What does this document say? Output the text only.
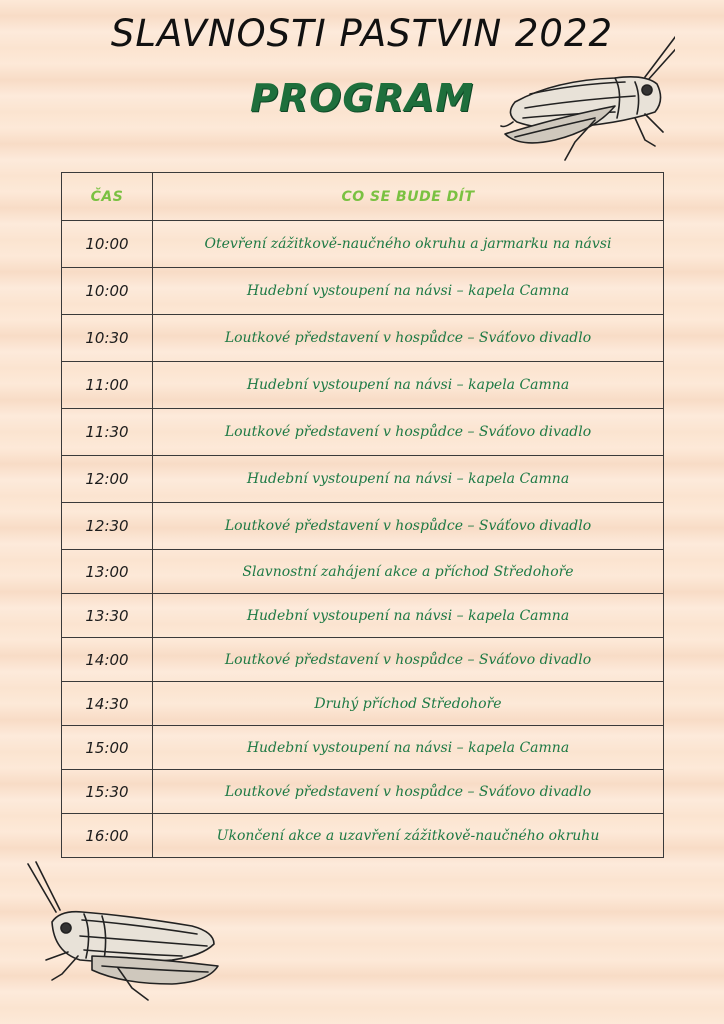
SLAVNOSTI PASTVIN 2022
PROGRAM
ČAS	CO SE BUDE DÍT
10:00	Otevření zážitkově-naučného okruhu a jarmarku na návsi
10:00	Hudební vystoupení na návsi – kapela Camna
10:30	Loutkové představení v hospůdce – Sváťovo divadlo
11:00	Hudební vystoupení na návsi – kapela Camna
11:30	Loutkové představení v hospůdce – Sváťovo divadlo
12:00	Hudební vystoupení na návsi – kapela Camna
12:30	Loutkové představení v hospůdce – Sváťovo divadlo
13:00	Slavnostní zahájení akce a příchod Středohoře
13:30	Hudební vystoupení na návsi – kapela Camna
14:00	Loutkové představení v hospůdce – Sváťovo divadlo
14:30	Druhý příchod Středohoře
15:00	Hudební vystoupení na návsi – kapela Camna
15:30	Loutkové představení v hospůdce – Sváťovo divadlo
16:00	Ukončení akce a uzavření zážitkově-naučného okruhu
